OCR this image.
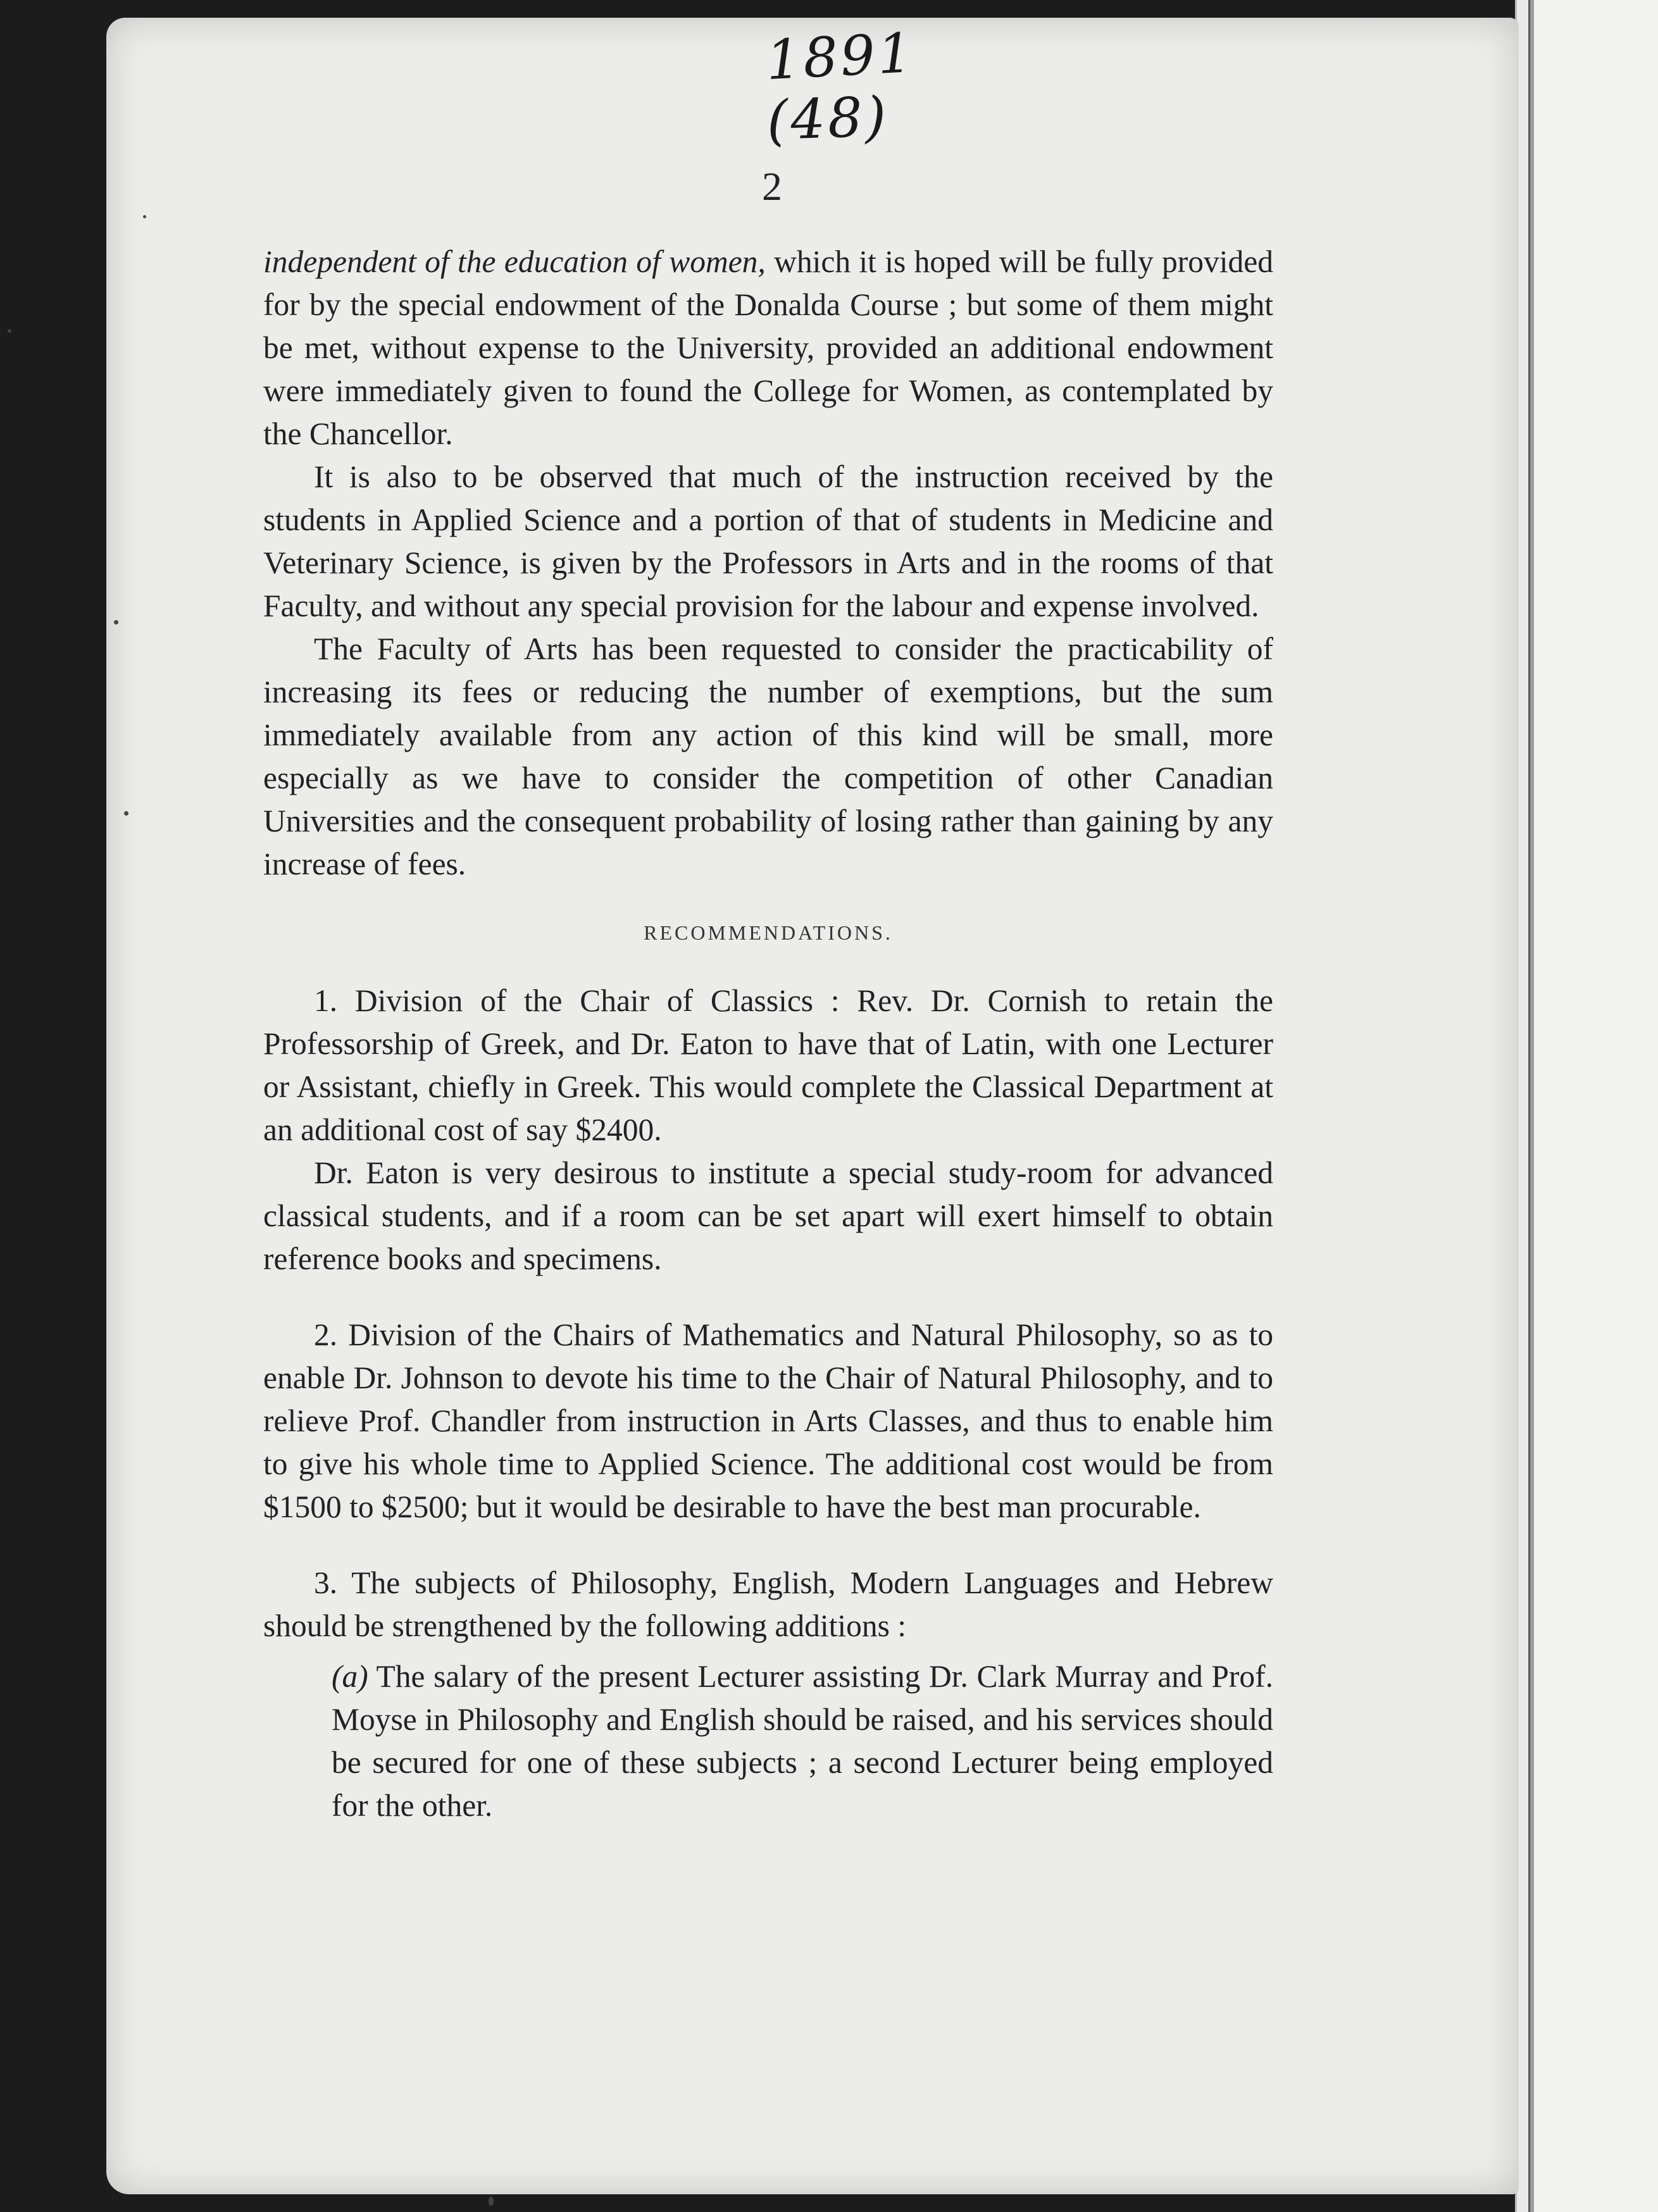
1891
(48)
2

independent of the education of women, which it is hoped will be fully provided for by the special endowment of the Donalda Course ; but some of them might be met, without expense to the University, provided an additional endowment were immediately given to found the College for Women, as contemplated by the Chancellor.

It is also to be observed that much of the instruction received by the students in Applied Science and a portion of that of students in Medicine and Veterinary Science, is given by the Professors in Arts and in the rooms of that Faculty, and without any special provision for the labour and expense involved.

The Faculty of Arts has been requested to consider the practicability of increasing its fees or reducing the number of exemptions, but the sum immediately available from any action of this kind will be small, more especially as we have to consider the competition of other Canadian Universities and the consequent probability of losing rather than gaining by any increase of fees.

RECOMMENDATIONS.

1. Division of the Chair of Classics : Rev. Dr. Cornish to retain the Professorship of Greek, and Dr. Eaton to have that of Latin, with one Lecturer or Assistant, chiefly in Greek. This would complete the Classical Department at an additional cost of say $2400.

Dr. Eaton is very desirous to institute a special study-room for advanced classical students, and if a room can be set apart will exert himself to obtain reference books and specimens.

2. Division of the Chairs of Mathematics and Natural Philosophy, so as to enable Dr. Johnson to devote his time to the Chair of Natural Philosophy, and to relieve Prof. Chandler from instruction in Arts Classes, and thus to enable him to give his whole time to Applied Science. The additional cost would be from $1500 to $2500; but it would be desirable to have the best man procurable.

3. The subjects of Philosophy, English, Modern Languages and Hebrew should be strengthened by the following additions :

(a) The salary of the present Lecturer assisting Dr. Clark Murray and Prof. Moyse in Philosophy and English should be raised, and his services should be secured for one of these subjects ; a second Lecturer being employed for the other.
